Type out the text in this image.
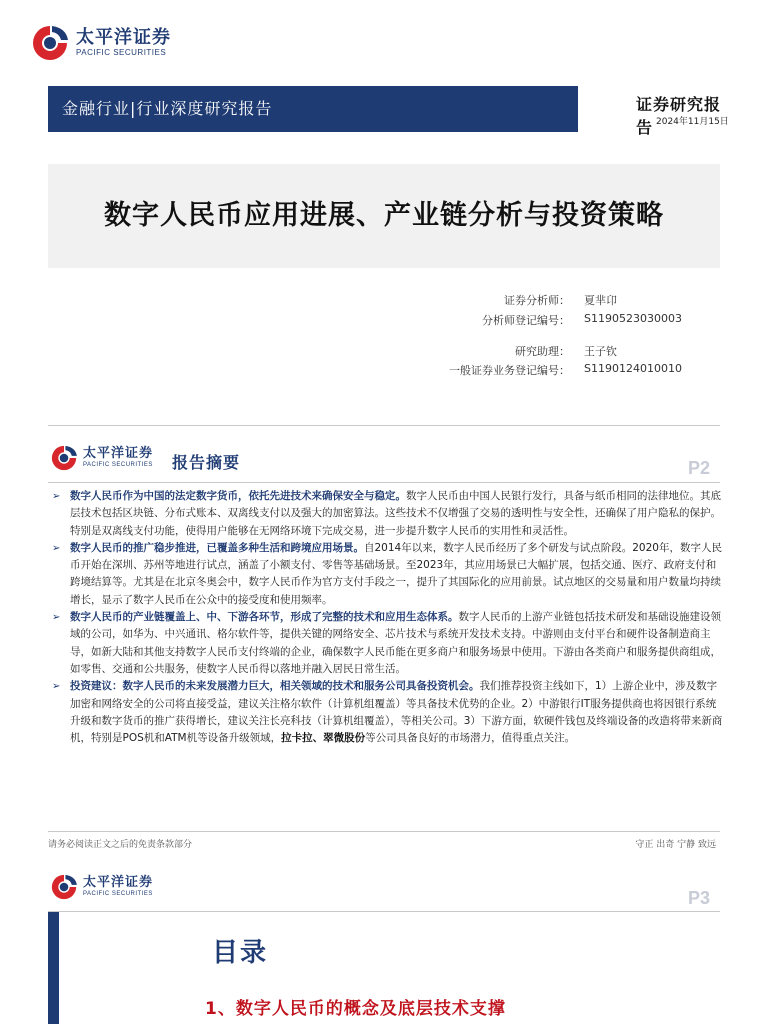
太平洋证券
PACIFIC SECURITIES
金融行业|行业深度研究报告	证券研究报告 2024年11月15日
数字人民币应用进展、产业链分析与投资策略
证券分析师： 夏芈卬
分析师登记编号： S1190523030003
研究助理： 王子钦
一般证券业务登记编号： S1190124010010
太平洋证券
PACIFIC SECURITIES 报告摘要	P2
➢ 数字人民币作为中国的法定数字货币，依托先进技术来确保安全与稳定。数字人民币由中国人民银行发行，具备与纸币相同的法律地位。其底层技术包括区块链、分布式账本、双离线支付以及强大的加密算法。这些技术不仅增强了交易的透明性与安全性，还确保了用户隐私的保护。特别是双离线支付功能，使得用户能够在无网络环境下完成交易，进一步提升数字人民币的实用性和灵活性。
➢ 数字人民币的推广稳步推进，已覆盖多种生活和跨境应用场景。自2014年以来，数字人民币经历了多个研发与试点阶段。2020年，数字人民币开始在深圳、苏州等地进行试点，涵盖了小额支付、零售等基础场景。至2023年，其应用场景已大幅扩展，包括交通、医疗、政府支付和跨境结算等。尤其是在北京冬奥会中，数字人民币作为官方支付手段之一，提升了其国际化的应用前景。试点地区的交易量和用户数量均持续增长，显示了数字人民币在公众中的接受度和使用频率。
➢ 数字人民币的产业链覆盖上、中、下游各环节，形成了完整的技术和应用生态体系。数字人民币的上游产业链包括技术研发和基础设施建设领域的公司，如华为、中兴通讯、格尔软件等，提供关键的网络安全、芯片技术与系统开发技术支持。中游则由支付平台和硬件设备制造商主导，如新大陆和其他支持数字人民币支付终端的企业，确保数字人民币能在更多商户和服务场景中使用。下游由各类商户和服务提供商组成，如零售、交通和公共服务，使数字人民币得以落地并融入居民日常生活。
➢ 投资建议：数字人民币的未来发展潜力巨大，相关领域的技术和服务公司具备投资机会。我们推荐投资主线如下，1）上游企业中，涉及数字加密和网络安全的公司将直接受益，建议关注格尔软件（计算机组覆盖）等具备技术优势的企业。2）中游银行IT服务提供商也将因银行系统升级和数字货币的推广获得增长，建议关注长亮科技（计算机组覆盖），等相关公司。3）下游方面，软硬件钱包及终端设备的改造将带来新商机，特别是POS机和ATM机等设备升级领域，拉卡拉、翠微股份等公司具备良好的市场潜力，值得重点关注。
请务必阅读正文之后的免责条款部分	守正 出奇 宁静 致远
太平洋证券
PACIFIC SECURITIES	P3
目录
1、数字人民币的概念及底层技术支撑
